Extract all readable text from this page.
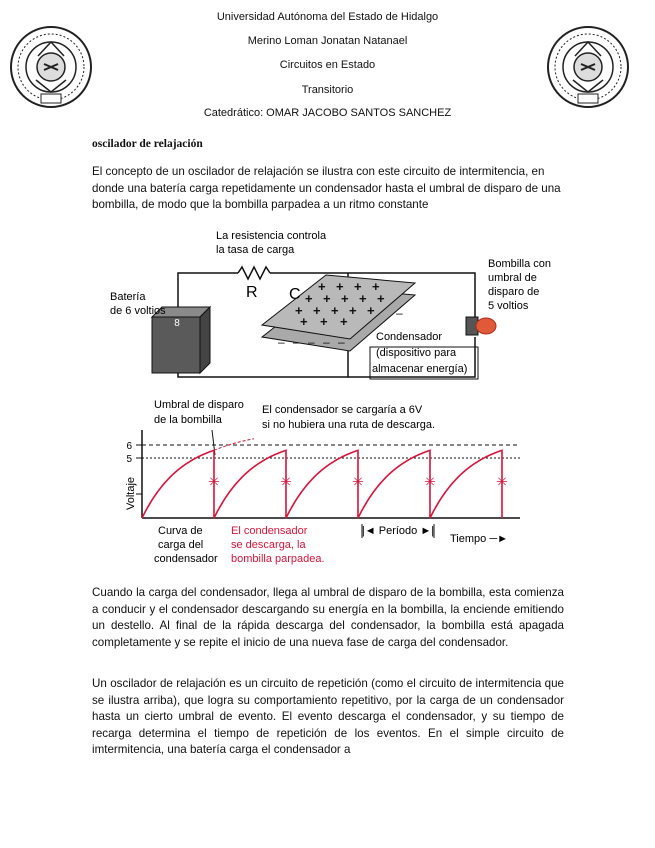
Universidad Autónoma del Estado de Hidalgo
Merino Loman Jonatan Natanael
Circuitos en Estado
Transitorio
Catedrático: OMAR JACOBO SANTOS SANCHEZ
oscilador de relajación
El concepto de un oscilador de relajación se ilustra con este circuito de intermitencia, en donde una batería carga repetidamente un condensador hasta el umbral de disparo de una bombilla, de modo que la bombilla parpadea a un ritmo constante
8
+ + + +
+ + + + +
+ + + + +
+ + +
– – – – –
–
La resistencia controla
la tasa de carga
R C
Batería
de 6 voltios
Bombilla con
umbral de
disparo de
5 voltios
Condensador
(dispositivo para
almacenar energía)
6
5
Voltaje	✳	✳	✳	✳	✳
Umbral de disparo
de la bombilla
El condensador se cargaría a 6V
si no hubiera una ruta de descarga.
Curva de
carga del
condensador
El condensador
se descarga, la
bombilla parpadea.
|◄ Período ►|
Tiempo ─►
Cuando la carga del condensador, llega al umbral de disparo de la bombilla, esta comienza a conducir y el condensador descargando su energía en la bombilla, la enciende emitiendo un destello. Al final de la rápida descarga del condensador, la bombilla está apagada completamente y se repite el inicio de una nueva fase de carga del condensador.
Un oscilador de relajación es un circuito de repetición (como el circuito de intermitencia que se ilustra arriba), que logra su comportamiento repetitivo, por la carga de un condensador hasta un cierto umbral de evento. El evento descarga el condensador, y su tiempo de recarga determina el tiempo de repetición de los eventos. En el simple circuito de imtermitencia, una batería carga el condensador a
